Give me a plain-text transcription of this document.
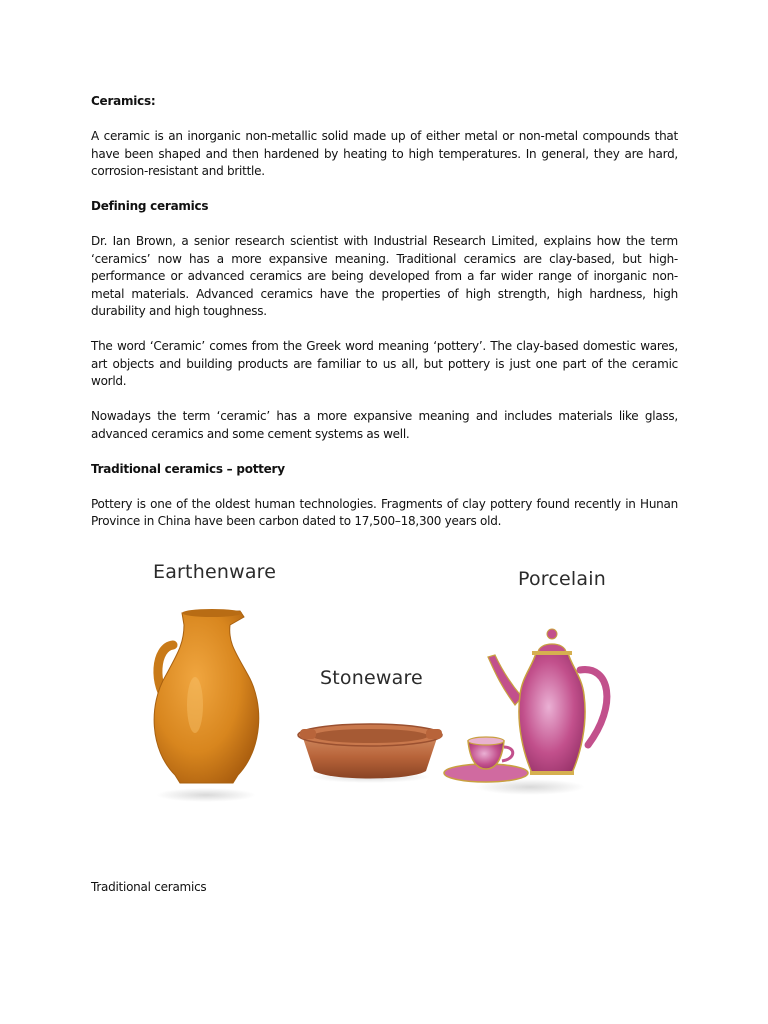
Ceramics:

A ceramic is an inorganic non-metallic solid made up of either metal or non-metal compounds that have been shaped and then hardened by heating to high temperatures. In general, they are hard, corrosion-resistant and brittle.

Defining ceramics

Dr. Ian Brown, a senior research scientist with Industrial Research Limited, explains how the term ‘ceramics’ now has a more expansive meaning. Traditional ceramics are clay-based, but high-performance or advanced ceramics are being developed from a far wider range of inorganic non-metal materials. Advanced ceramics have the properties of high strength, high hardness, high durability and high toughness.

The word ‘Ceramic’ comes from the Greek word meaning ‘pottery’. The clay-based domestic wares, art objects and building products are familiar to us all, but pottery is just one part of the ceramic world.

Nowadays the term ‘ceramic’ has a more expansive meaning and includes materials like glass, advanced ceramics and some cement systems as well.

Traditional ceramics – pottery

Pottery is one of the oldest human technologies. Fragments of clay pottery found recently in Hunan Province in China have been carbon dated to 17,500–18,300 years old.

Earthenware
Stoneware
Porcelain

Traditional ceramics
